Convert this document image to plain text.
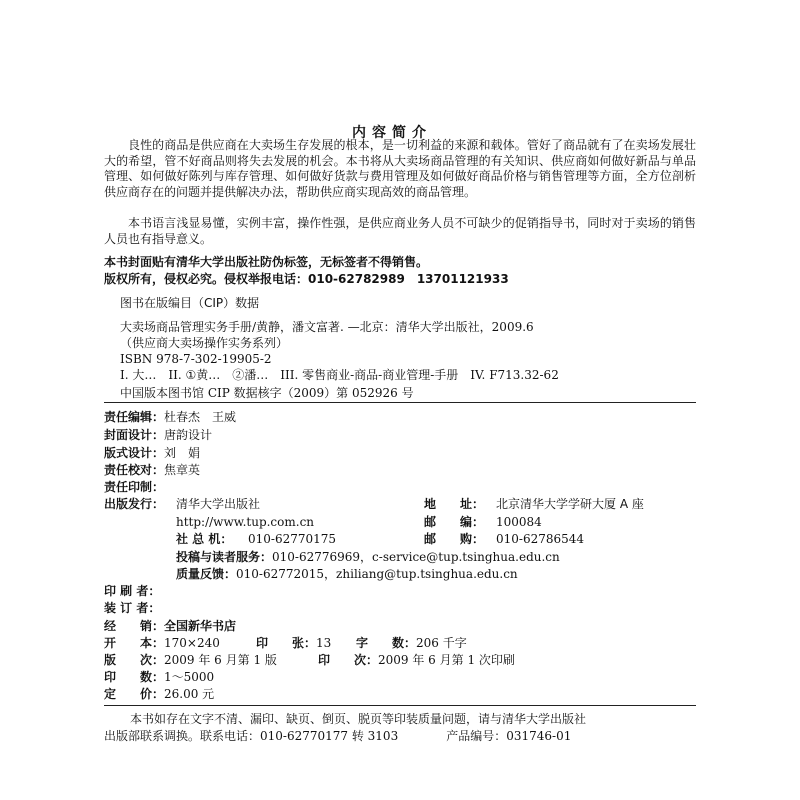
内容简介
良性的商品是供应商在大卖场生存发展的根本，是一切利益的来源和载体。管好了商品就有了在卖场发展壮大的希望，管不好商品则将失去发展的机会。本书将从大卖场商品管理的有关知识、供应商如何做好新品与单品管理、如何做好陈列与库存管理、如何做好货款与费用管理及如何做好商品价格与销售管理等方面，全方位剖析供应商存在的问题并提供解决办法，帮助供应商实现高效的商品管理。
本书语言浅显易懂，实例丰富，操作性强，是供应商业务人员不可缺少的促销指导书，同时对于卖场的销售人员也有指导意义。
本书封面贴有清华大学出版社防伪标签，无标签者不得销售。
版权所有，侵权必究。侵权举报电话：010-62782989　13701121933
图书在版编目（CIP）数据
大卖场商品管理实务手册/黄静，潘文富著. —北京：清华大学出版社，2009.6
（供应商大卖场操作实务系列）
ISBN 978-7-302-19905-2
I. 大…　II. ①黄…　②潘…　III. 零售商业-商品-商业管理-手册　IV. F713.32-62
中国版本图书馆 CIP 数据核字（2009）第 052926 号
责任编辑：杜春杰　王威
封面设计：唐韵设计
版式设计：刘　娟
责任校对：焦章英
责任印制：
出版发行： 清华大学出版社	地　　址： 北京清华大学学研大厦 A 座
http://www.tup.com.cn	邮　　编： 100084
社 总 机： 010-62770175	邮　　购： 010-62786544
投稿与读者服务：010-62776969，c-service@tup.tsinghua.edu.cn
质量反馈：010-62772015，zhiliang@tup.tsinghua.edu.cn
印 刷 者：
装 订 者：
经　　销：全国新华书店
开　　本：170×240	印　　张：13 字　　数：206 千字
版　　次：2009 年 6 月第 1 版	印　　次：2009 年 6 月第 1 次印刷
印　　数：1～5000
定　　价：26.00 元
本书如存在文字不清、漏印、缺页、倒页、脱页等印装质量问题，请与清华大学出版社
出版部联系调换。联系电话：010-62770177 转 3103　　　　产品编号：031746-01
